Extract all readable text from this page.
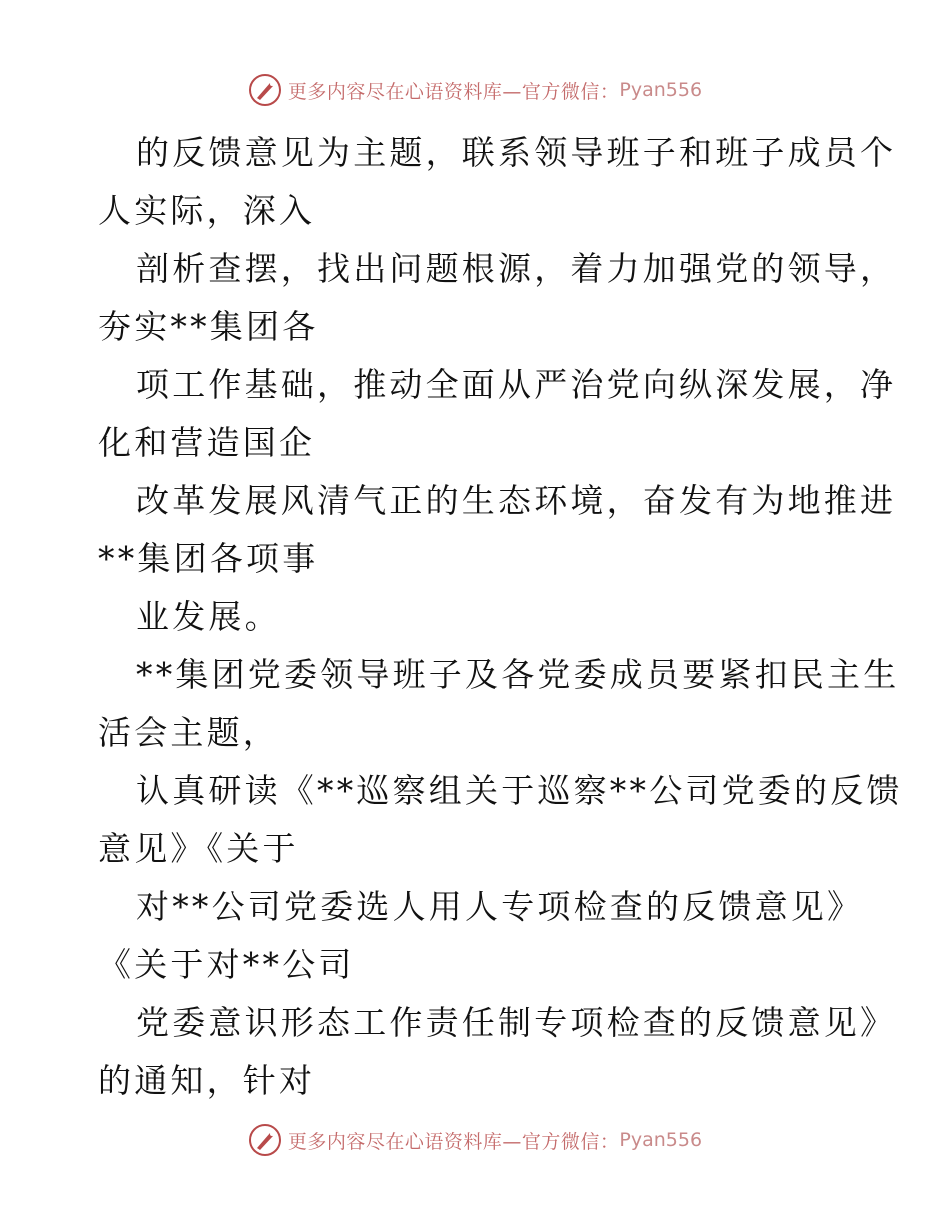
更多内容尽在心语资料库—官方微信： Pyan556
的反馈意见为主题，联系领导班子和班子成员个
人实际，深入
剖析查摆，找出问题根源，着力加强党的领导，
夯实**集团各
项工作基础，推动全面从严治党向纵深发展，净
化和营造国企
改革发展风清气正的生态环境，奋发有为地推进
**集团各项事
业发展。
**集团党委领导班子及各党委成员要紧扣民主生
活会主题，
认真研读《**巡察组关于巡察**公司党委的反馈
意见》《关于
对**公司党委选人用人专项检查的反馈意见》
《关于对**公司
党委意识形态工作责任制专项检查的反馈意见》
的通知，针对
更多内容尽在心语资料库—官方微信： Pyan556
